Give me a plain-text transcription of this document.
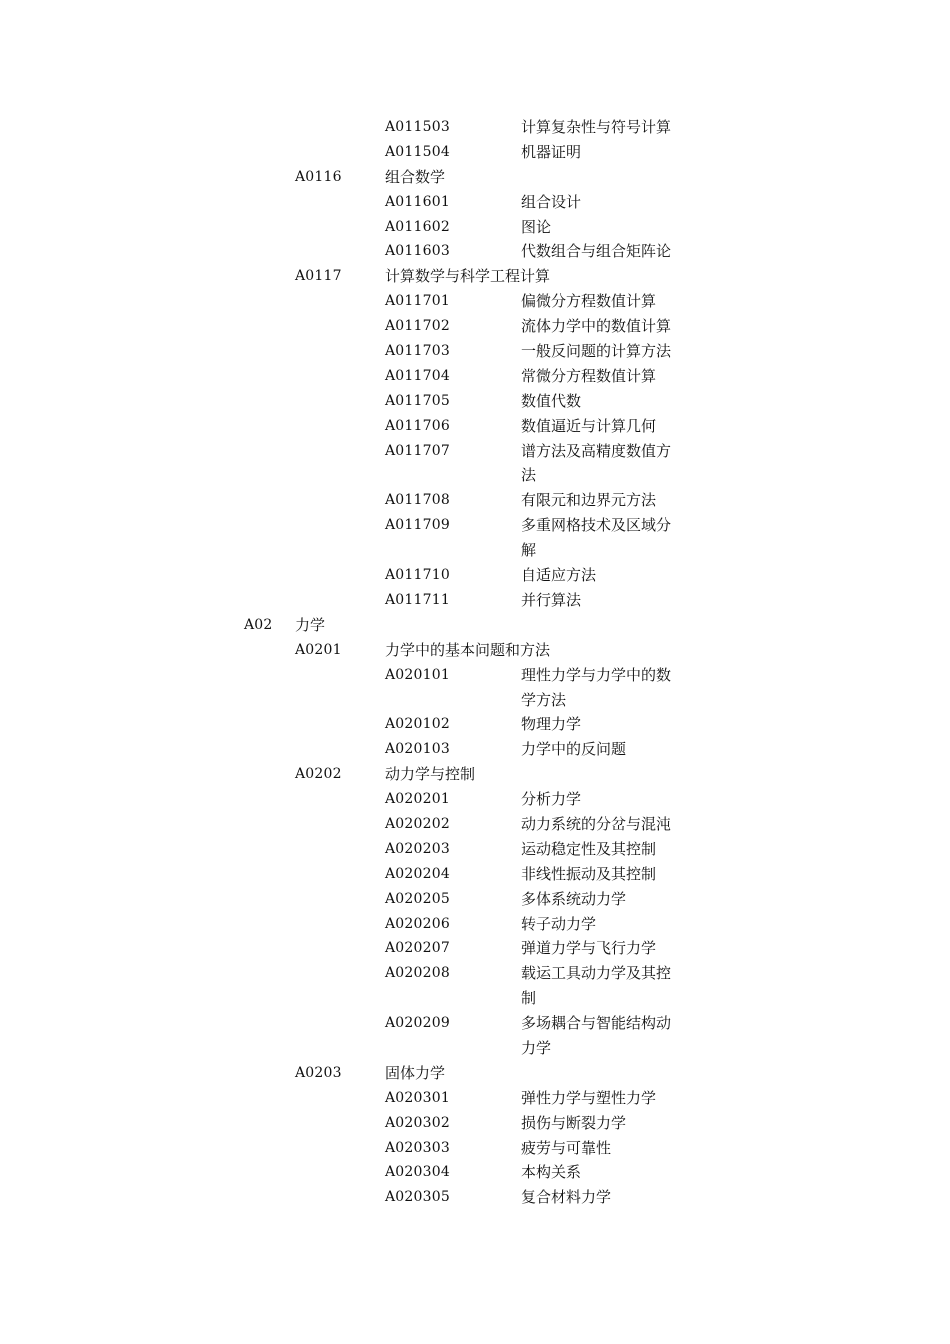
A011503	计算复杂性与符号计算
A011504	机器证明
A0116	组合数学
A011601	组合设计
A011602	图论
A011603	代数组合与组合矩阵论
A0117	计算数学与科学工程计算
A011701	偏微分方程数值计算
A011702	流体力学中的数值计算
A011703	一般反问题的计算方法
A011704	常微分方程数值计算
A011705	数值代数
A011706	数值逼近与计算几何
A011707	谱方法及高精度数值方法
A011708	有限元和边界元方法
A011709	多重网格技术及区域分解
A011710	自适应方法
A011711	并行算法
A02 力学
A0201	力学中的基本问题和方法
A020101	理性力学与力学中的数学方法
A020102	物理力学
A020103	力学中的反问题
A0202	动力学与控制
A020201	分析力学
A020202	动力系统的分岔与混沌
A020203	运动稳定性及其控制
A020204	非线性振动及其控制
A020205	多体系统动力学
A020206	转子动力学
A020207	弹道力学与飞行力学
A020208	载运工具动力学及其控制
A020209	多场耦合与智能结构动力学
A0203	固体力学
A020301	弹性力学与塑性力学
A020302	损伤与断裂力学
A020303	疲劳与可靠性
A020304	本构关系
A020305	复合材料力学
